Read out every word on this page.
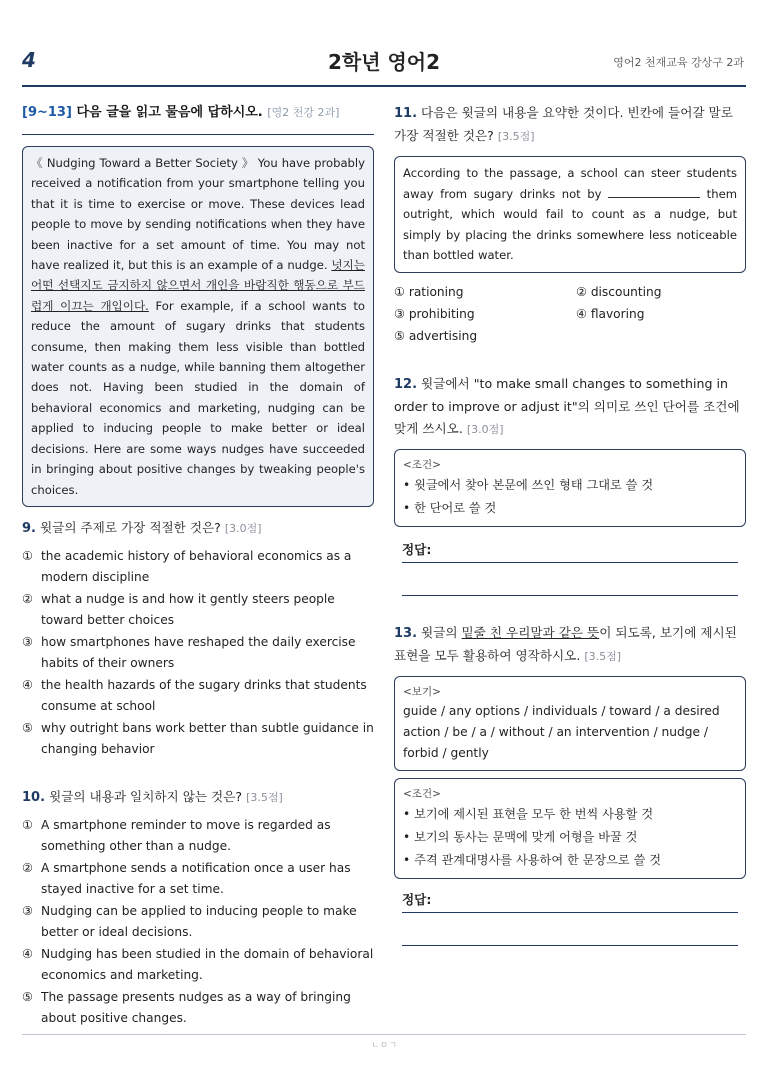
4	2학년 영어2	영어2 천재교육 강상구 2과
[9~13] 다음 글을 읽고 물음에 답하시오. [영2 천강 2과]
《 Nudging Toward a Better Society 》 You have probably received a notification from your smartphone telling you that it is time to exercise or move. These devices lead people to move by sending notifications when they have been inactive for a set amount of time. You may not have realized it, but this is an example of a nudge. 넛지는 어떤 선택지도 금지하지 않으면서 개인을 바람직한 행동으로 부드럽게 이끄는 개입이다. For example, if a school wants to reduce the amount of sugary drinks that students consume, then making them less visible than bottled water counts as a nudge, while banning them altogether does not. Having been studied in the domain of behavioral economics and marketing, nudging can be applied to inducing people to make better or ideal decisions. Here are some ways nudges have succeeded in bringing about positive changes by tweaking people's choices.
9. 윗글의 주제로 가장 적절한 것은? [3.0점]
① the academic history of behavioral economics as a modern discipline
② what a nudge is and how it gently steers people toward better choices
③ how smartphones have reshaped the daily exercise habits of their owners
④ the health hazards of the sugary drinks that students consume at school
⑤ why outright bans work better than subtle guidance in changing behavior
10. 윗글의 내용과 일치하지 않는 것은? [3.5점]
① A smartphone reminder to move is regarded as something other than a nudge.
② A smartphone sends a notification once a user has stayed inactive for a set time.
③ Nudging can be applied to inducing people to make better or ideal decisions.
④ Nudging has been studied in the domain of behavioral economics and marketing.
⑤ The passage presents nudges as a way of bringing about positive changes.
11. 다음은 윗글의 내용을 요약한 것이다. 빈칸에 들어갈 말로 가장 적절한 것은? [3.5점]
According to the passage, a school can steer students away from sugary drinks not by	them outright, which would fail to count as a nudge, but simply by placing the drinks somewhere less noticeable than bottled water.
① rationing	② discounting
③ prohibiting	④ flavoring
⑤ advertising
12. 윗글에서 "to make small changes to something in order to improve or adjust it"의 의미로 쓰인 단어를 조건에 맞게 쓰시오. [3.0점]
<조건>
• 윗글에서 찾아 본문에 쓰인 형태 그대로 쓸 것
• 한 단어로 쓸 것
정답:
13. 윗글의 밑줄 친 우리말과 같은 뜻이 되도록, 보기에 제시된 표현을 모두 활용하여 영작하시오. [3.5점]
<보기>
guide / any options / individuals / toward / a desired action / be / a / without / an intervention / nudge / forbid / gently
<조건>
• 보기에 제시된 표현을 모두 한 번씩 사용할 것
• 보기의 동사는 문맥에 맞게 어형을 바꿀 것
• 주격 관계대명사를 사용하여 한 문장으로 쓸 것
정답:
ㄴㅇㄱ
